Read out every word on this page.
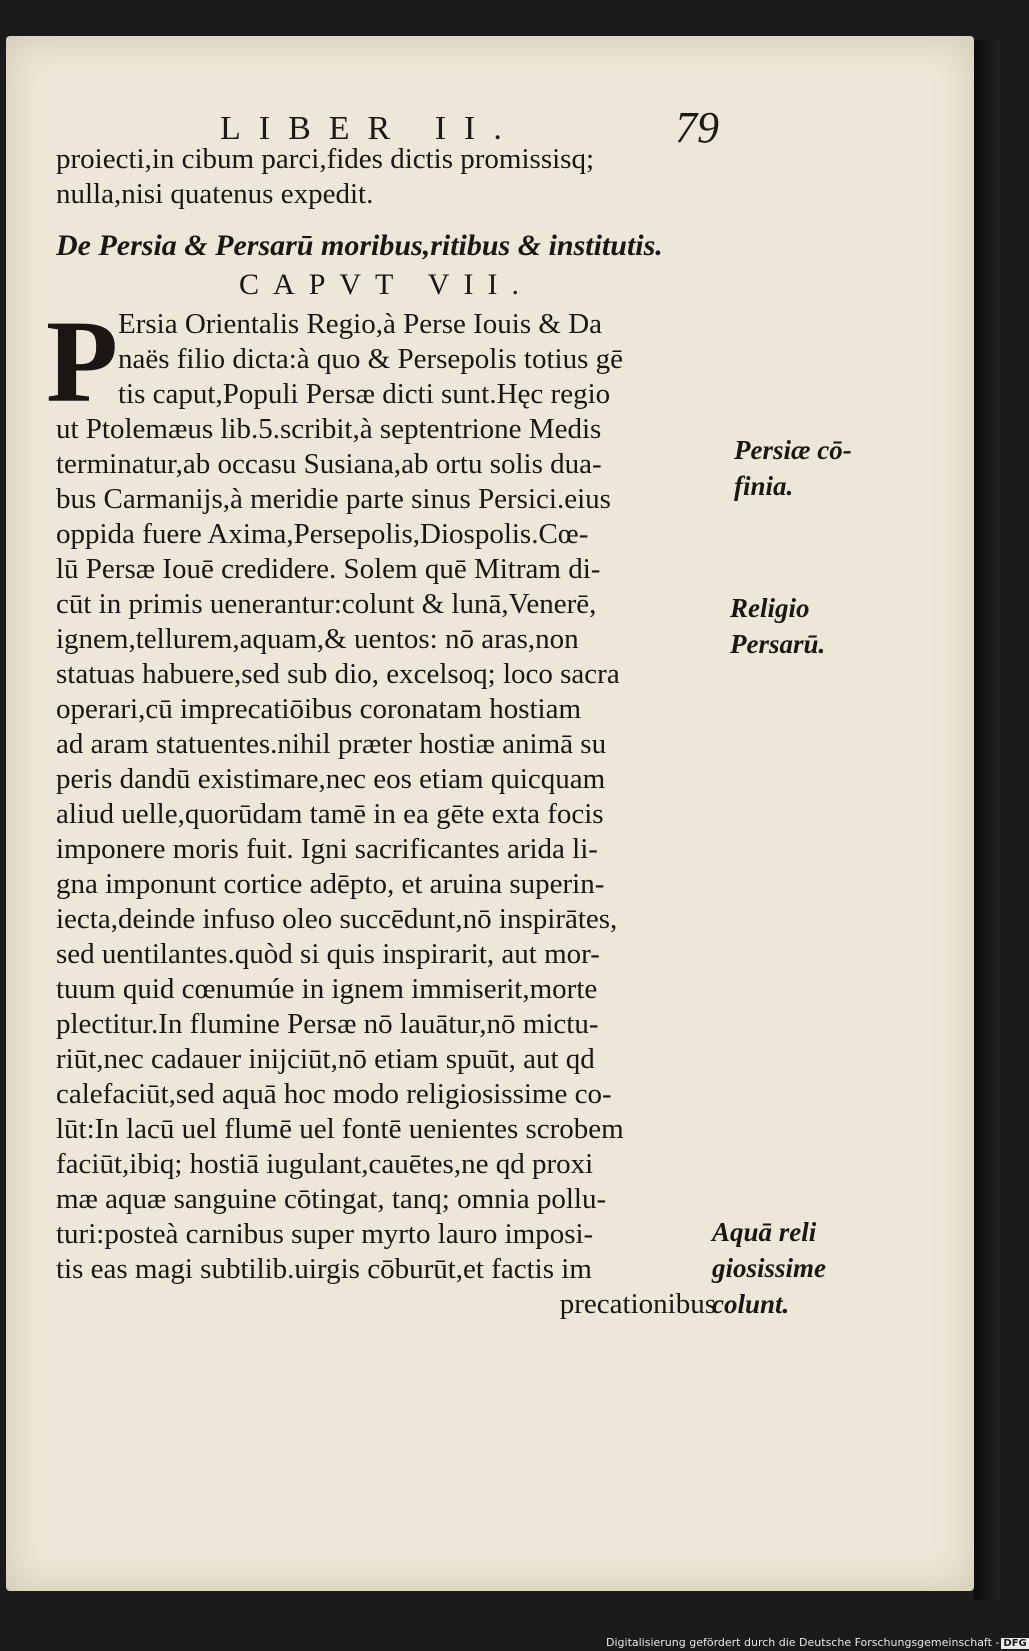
LIBER II.	79
proiecti,in cibum parci,fides dictis promissisq;
nulla,nisi quatenus expedit.
De Persia & Persarū moribus,ritibus & institutis.
CAPVT VII.
P Ersia Orientalis Regio,à Perse Iouis & Da
naës filio dicta:à quo & Persepolis totius gē
tis caput,Populi Persæ dicti sunt.Hęc regio
ut Ptolemæus lib.5.scribit,à septentrione Medis
terminatur,ab occasu Susiana,ab ortu solis dua-
bus Carmanijs,à meridie parte sinus Persici.eius
oppida fuere Axima,Persepolis,Diospolis.Cœ-
lū Persæ Iouē credidere. Solem quē Mitram di-
cūt in primis uenerantur:colunt & lunā,Venerē,
ignem,tellurem,aquam,& uentos: nō aras,non
statuas habuere,sed sub dio, excelsoq; loco sacra
operari,cū imprecatiōibus coronatam hostiam
ad aram statuentes.nihil præter hostiæ animā su
peris dandū existimare,nec eos etiam quicquam
aliud uelle,quorūdam tamē in ea gēte exta focis
imponere moris fuit. Igni sacrificantes arida li-
gna imponunt cortice adēpto, et aruina superin-
iecta,deinde infuso oleo succēdunt,nō inspirātes,
sed uentilantes.quòd si quis inspirarit, aut mor-
tuum quid cœnumúe in ignem immiserit,morte
plectitur.In flumine Persæ nō lauātur,nō mictu-
riūt,nec cadauer inijciūt,nō etiam spuūt, aut qd
calefaciūt,sed aquā hoc modo religiosissime co-
lūt:In lacū uel flumē uel fontē uenientes scrobem
faciūt,ibiq; hostiā iugulant,cauētes,ne qd proxi
mæ aquæ sanguine cōtingat, tanq; omnia pollu-
turi:posteà carnibus super myrto lauro imposi-
tis eas magi subtilib.uirgis cōburūt,et factis im
precationibus
Persiæ cō-
finia.
Religio
Persarū.
Aquā reli
giosissime
colunt.
Digitalisierung gefördert durch die Deutsche Forschungsgemeinschaft - DFG
